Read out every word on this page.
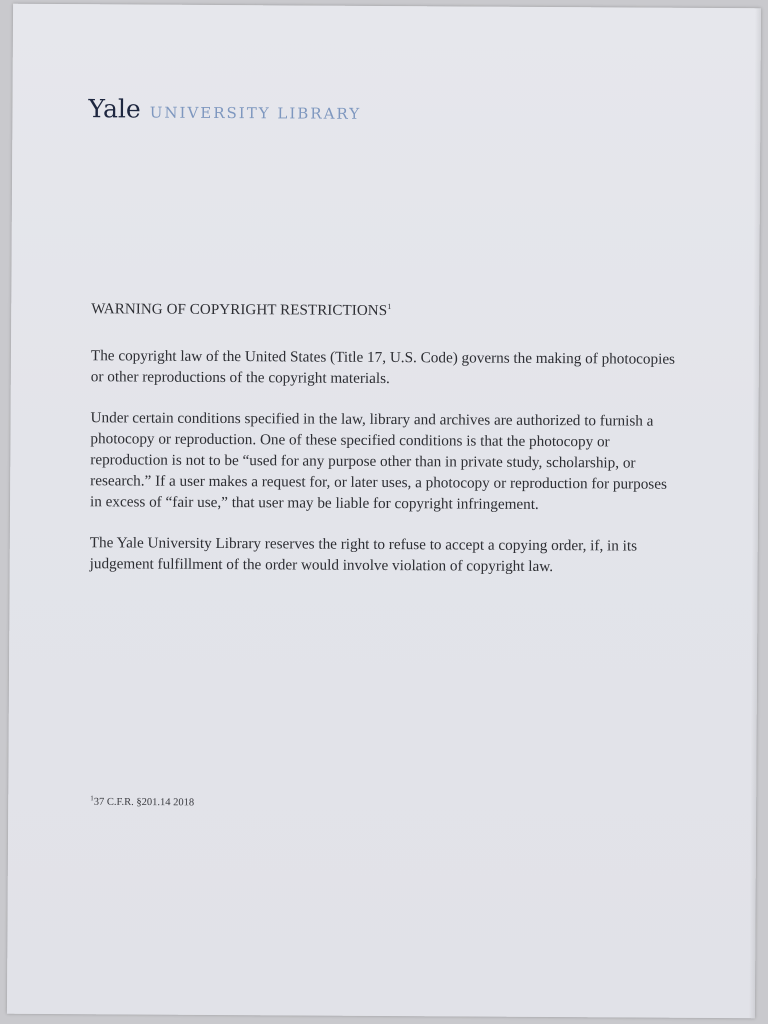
Yale UNIVERSITY LIBRARY
WARNING OF COPYRIGHT RESTRICTIONS$^1$

The copyright law of the United States (Title 17, U.S. Code) governs the making of photocopies or other reproductions of the copyright materials.

Under certain conditions specified in the law, library and archives are authorized to furnish a photocopy or reproduction. One of these specified conditions is that the photocopy or reproduction is not to be “used for any purpose other than in private study, scholarship, or research.” If a user makes a request for, or later uses, a photocopy or reproduction for purposes in excess of “fair use,” that user may be liable for copyright infringement.

The Yale University Library reserves the right to refuse to accept a copying order, if, in its judgement fulfillment of the order would involve violation of copyright law.

$^1$37 C.F.R. §201.14 2018
